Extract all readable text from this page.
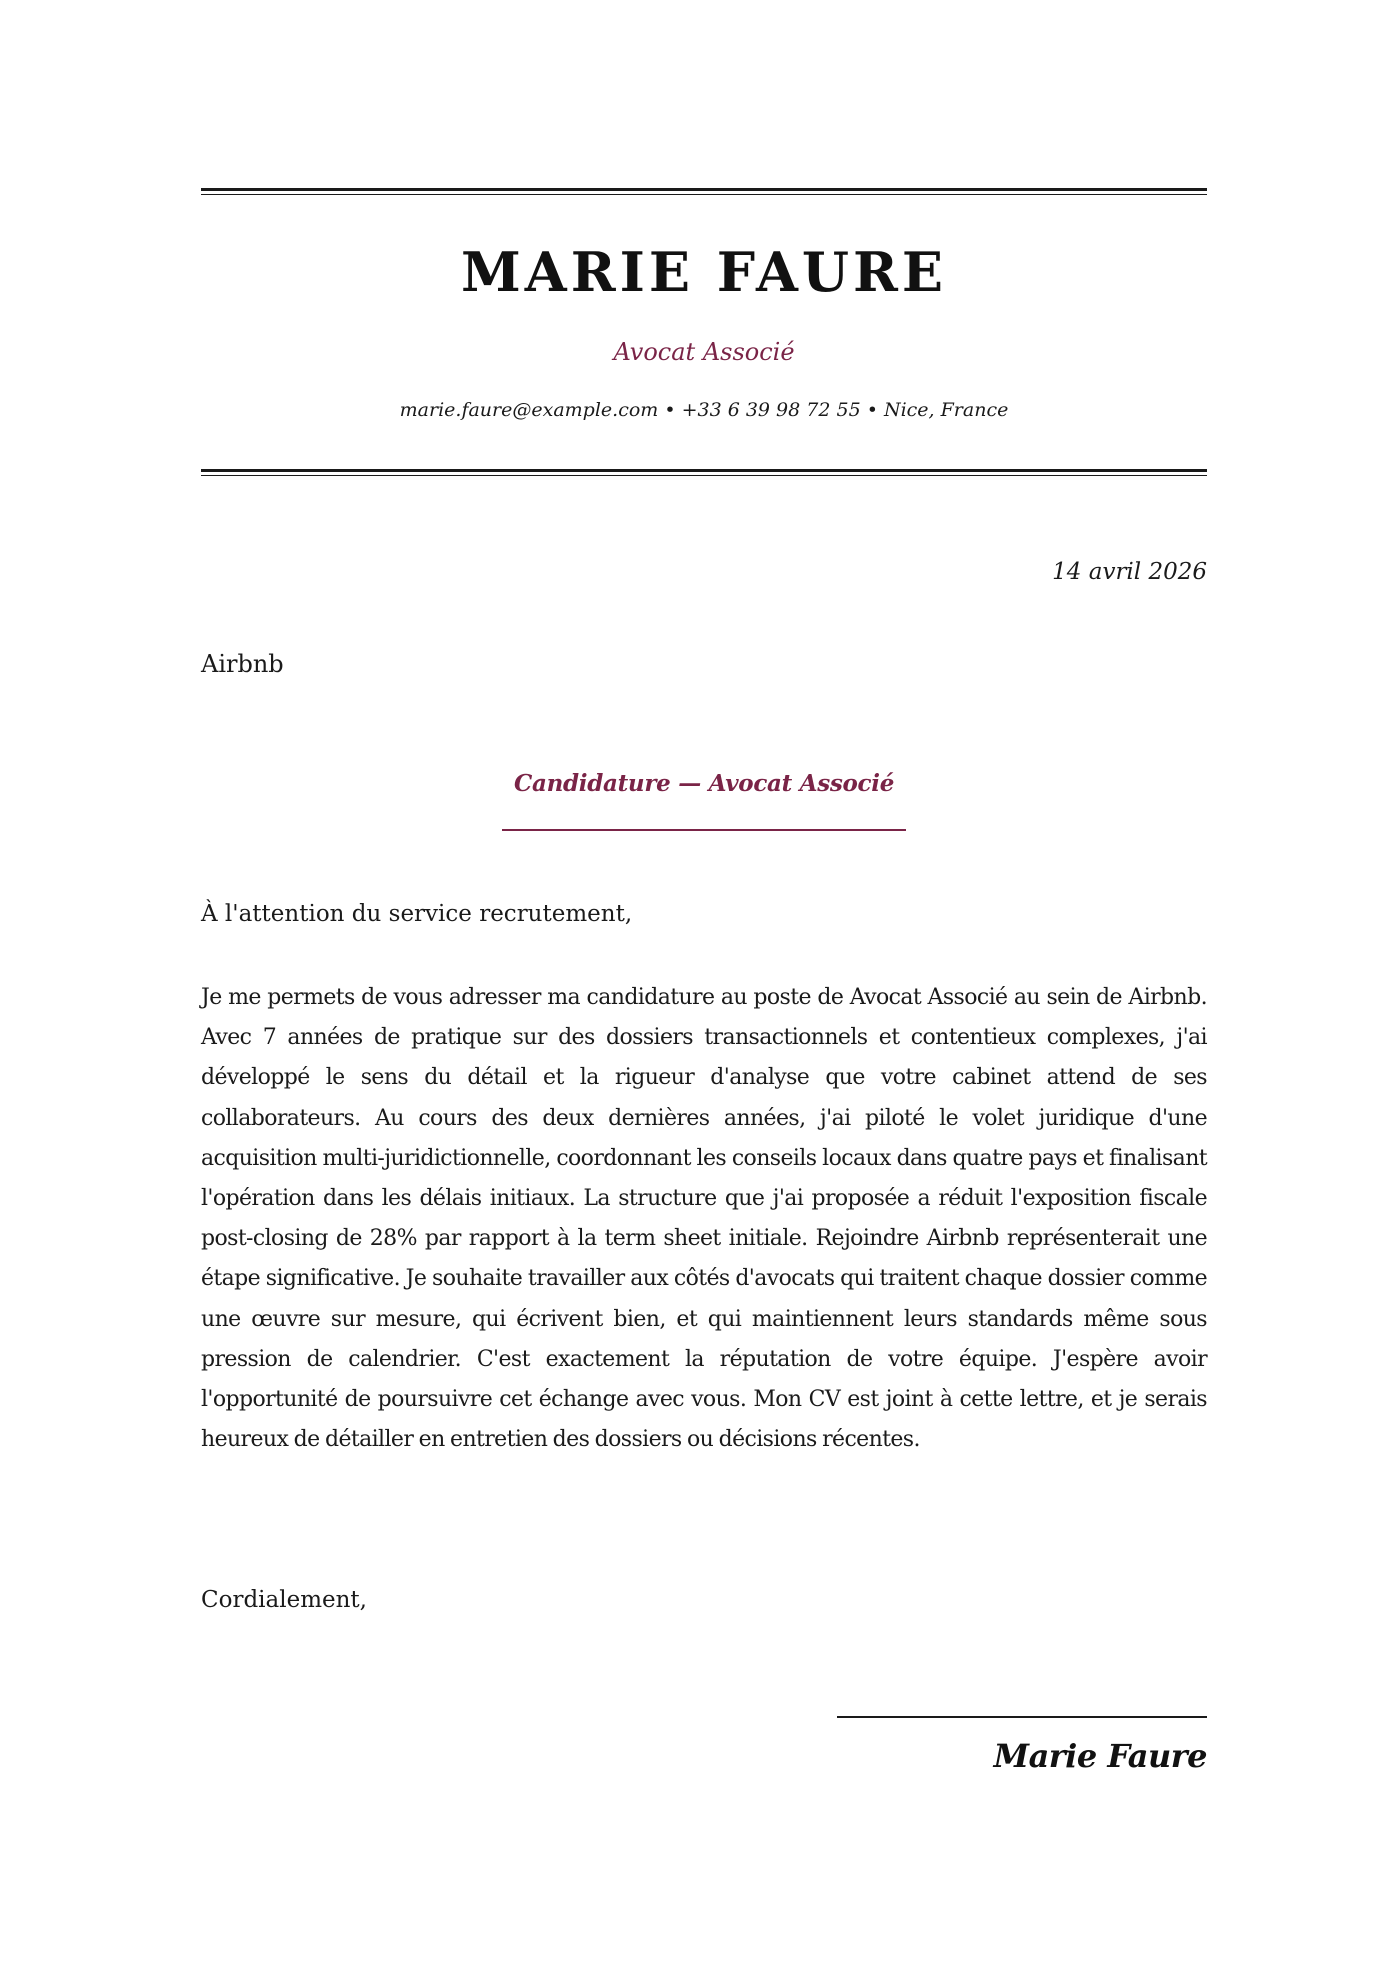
MARIE FAURE
Avocat Associé
marie.faure@example.com • +33 6 39 98 72 55 • Nice, France
14 avril 2026
Airbnb
Candidature — Avocat Associé
À l'attention du service recrutement,

Je me permets de vous adresser ma candidature au poste de Avocat Associé au sein de Airbnb. Avec 7 années de pratique sur des dossiers transactionnels et contentieux complexes, j'ai développé le sens du détail et la rigueur d'analyse que votre cabinet attend de ses collaborateurs. Au cours des deux dernières années, j'ai piloté le volet juridique d'une acquisition multi-juridictionnelle, coordonnant les conseils locaux dans quatre pays et finalisant l'opération dans les délais initiaux. La structure que j'ai proposée a réduit l'exposition fiscale post-closing de 28% par rapport à la term sheet initiale. Rejoindre Airbnb représenterait une étape significative. Je souhaite travailler aux côtés d'avocats qui traitent chaque dossier comme une œuvre sur mesure, qui écrivent bien, et qui maintiennent leurs standards même sous pression de calendrier. C'est exactement la réputation de votre équipe. J'espère avoir l'opportunité de poursuivre cet échange avec vous. Mon CV est joint à cette lettre, et je serais heureux de détailler en entretien des dossiers ou décisions récentes.

Cordialement,
Marie Faure
